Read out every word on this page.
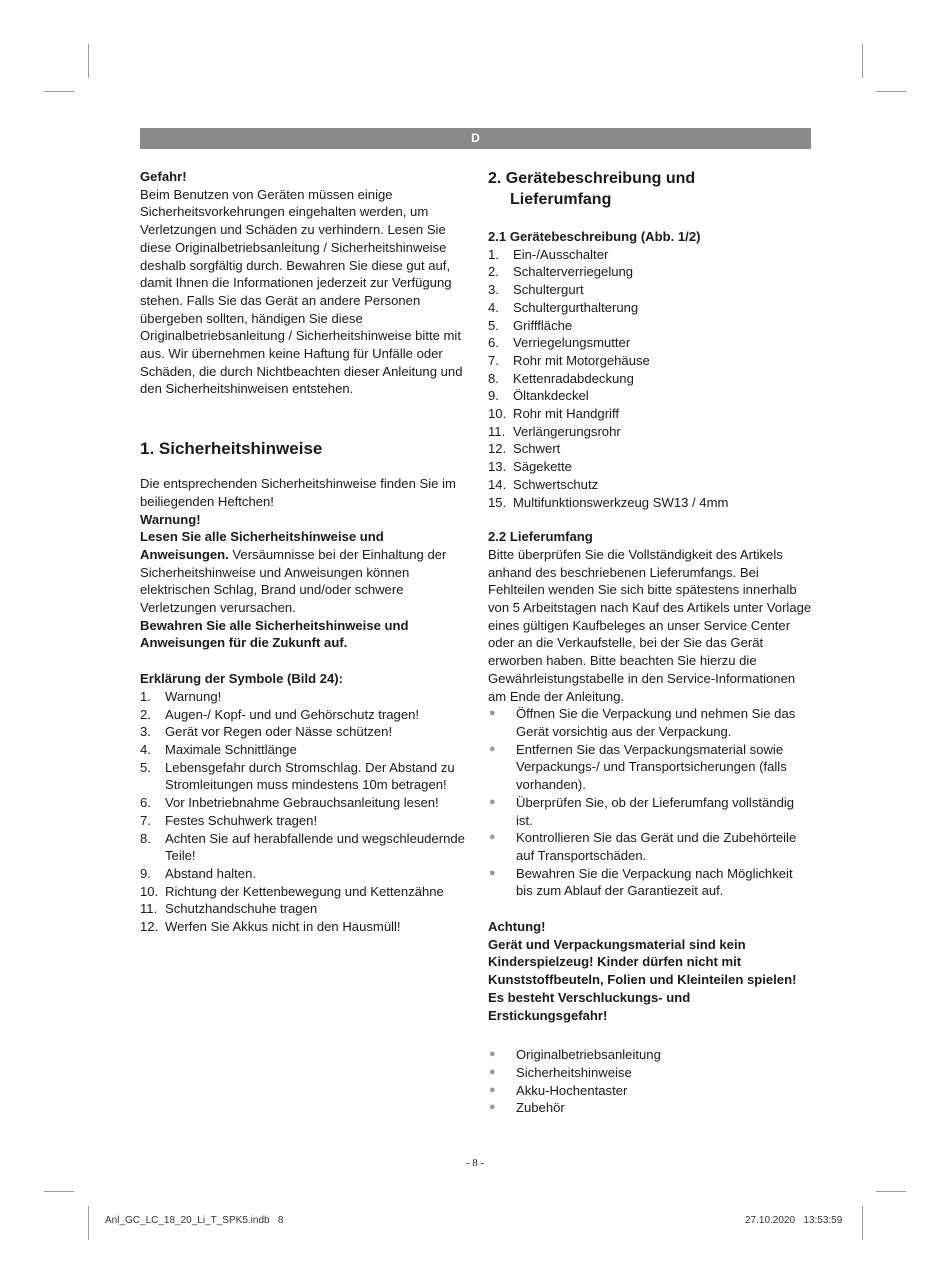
D
Gefahr!

Beim Benutzen von Geräten müssen einige Sicherheitsvorkehrungen eingehalten werden, um Verletzungen und Schäden zu verhindern. Lesen Sie diese Originalbetriebsanleitung / Sicherheitshinweise deshalb sorgfältig durch. Bewahren Sie diese gut auf, damit Ihnen die Informationen jederzeit zur Verfügung stehen. Falls Sie das Gerät an andere Personen übergeben sollten, händigen Sie diese Originalbetriebsanleitung / Sicherheitshinweise bitte mit aus. Wir übernehmen keine Haftung für Unfälle oder Schäden, die durch Nichtbeachten dieser Anleitung und den Sicherheitshinweisen entstehen.

1. Sicherheitshinweise

Die entsprechenden Sicherheitshinweise finden Sie im beiliegenden Heftchen!

Warnung!

Lesen Sie alle Sicherheitshinweise und Anweisungen. Versäumnisse bei der Einhaltung der Sicherheitshinweise und Anweisungen können elektrischen Schlag, Brand und/oder schwere Verletzungen verursachen.

Bewahren Sie alle Sicherheitshinweise und Anweisungen für die Zukunft auf.

Erklärung der Symbole (Bild 24):
1.	Warnung!
2.	Augen-/ Kopf- und und Gehörschutz tragen!
3.	Gerät vor Regen oder Nässe schützen!
4.	Maximale Schnittlänge
5.	Lebensgefahr durch Stromschlag. Der Abstand zu Stromleitungen muss mindestens 10m betragen!
6.	Vor Inbetriebnahme Gebrauchsanleitung lesen!
7.	Festes Schuhwerk tragen!
8.	Achten Sie auf herabfallende und wegschleudernde Teile!
9.	Abstand halten.
10. Richtung der Kettenbewegung und Kettenzähne
11. Schutzhandschuhe tragen
12. Werfen Sie Akkus nicht in den Hausmüll!
2. Gerätebeschreibung und
Lieferumfang
2.1 Gerätebeschreibung (Abb. 1/2)
1.	Ein-/Ausschalter
2.	Schalterverriegelung
3.	Schultergurt
4.	Schultergurthalterung
5.	Grifffläche
6.	Verriegelungsmutter
7.	Rohr mit Motorgehäuse
8.	Kettenradabdeckung
9.	Öltankdeckel
10. Rohr mit Handgriff
11. Verlängerungsrohr
12. Schwert
13. Sägekette
14. Schwertschutz
15. Multifunktionswerkzeug SW13 / 4mm
2.2 Lieferumfang

Bitte überprüfen Sie die Vollständigkeit des Artikels anhand des beschriebenen Lieferumfangs. Bei Fehlteilen wenden Sie sich bitte spätestens innerhalb von 5 Arbeitstagen nach Kauf des Artikels unter Vorlage eines gültigen Kaufbeleges an unser Service Center oder an die Verkaufstelle, bei der Sie das Gerät erworben haben. Bitte beachten Sie hierzu die Gewährleistungstabelle in den Service-Informationen am Ende der Anleitung.

●	Öffnen Sie die Verpackung und nehmen Sie das Gerät vorsichtig aus der Verpackung.
●	Entfernen Sie das Verpackungsmaterial sowie Verpackungs-/ und Transportsicherungen (falls vorhanden).
●	Überprüfen Sie, ob der Lieferumfang vollständig ist.
●	Kontrollieren Sie das Gerät und die Zubehörteile auf Transportschäden.
●	Bewahren Sie die Verpackung nach Möglichkeit bis zum Ablauf der Garantiezeit auf.
Achtung!

Gerät und Verpackungsmaterial sind kein Kinderspielzeug! Kinder dürfen nicht mit Kunststoffbeuteln, Folien und Kleinteilen spielen! Es besteht Verschluckungs- und Erstickungsgefahr!

●	Originalbetriebsanleitung
●	Sicherheitshinweise
●	Akku-Hochentaster
●	Zubehör
- 8 -
Anl_GC_LC_18_20_Li_T_SPK5.indb   8	27.10.2020   13:53:59
